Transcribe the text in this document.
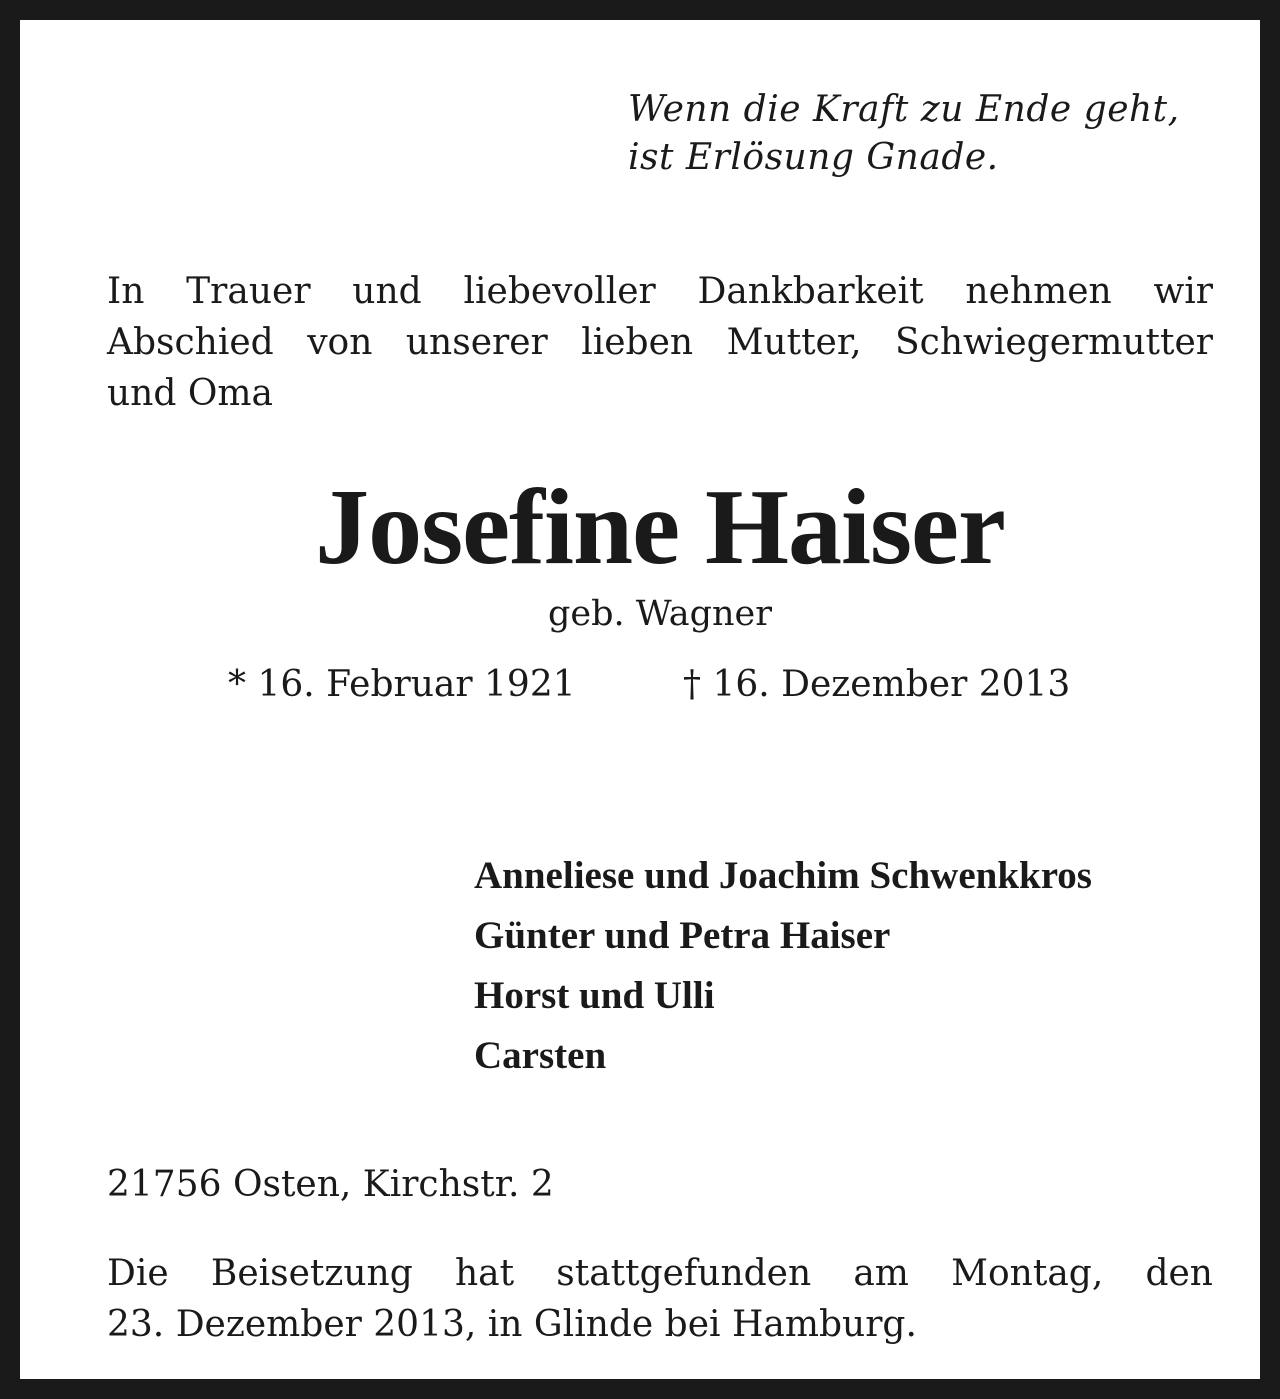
Wenn die Kraft zu Ende geht,
ist Erlösung Gnade.
In Trauer und liebevoller Dankbarkeit nehmen wir
Abschied von unserer lieben Mutter, Schwiegermutter
und Oma
Josefine Haiser
geb. Wagner
* 16. Februar 1921	† 16. Dezember 2013
Anneliese und Joachim Schwenkkros
Günter und Petra Haiser
Horst und Ulli
Carsten
21756 Osten, Kirchstr. 2
Die Beisetzung hat stattgefunden am Montag, den
23. Dezember 2013, in Glinde bei Hamburg.
